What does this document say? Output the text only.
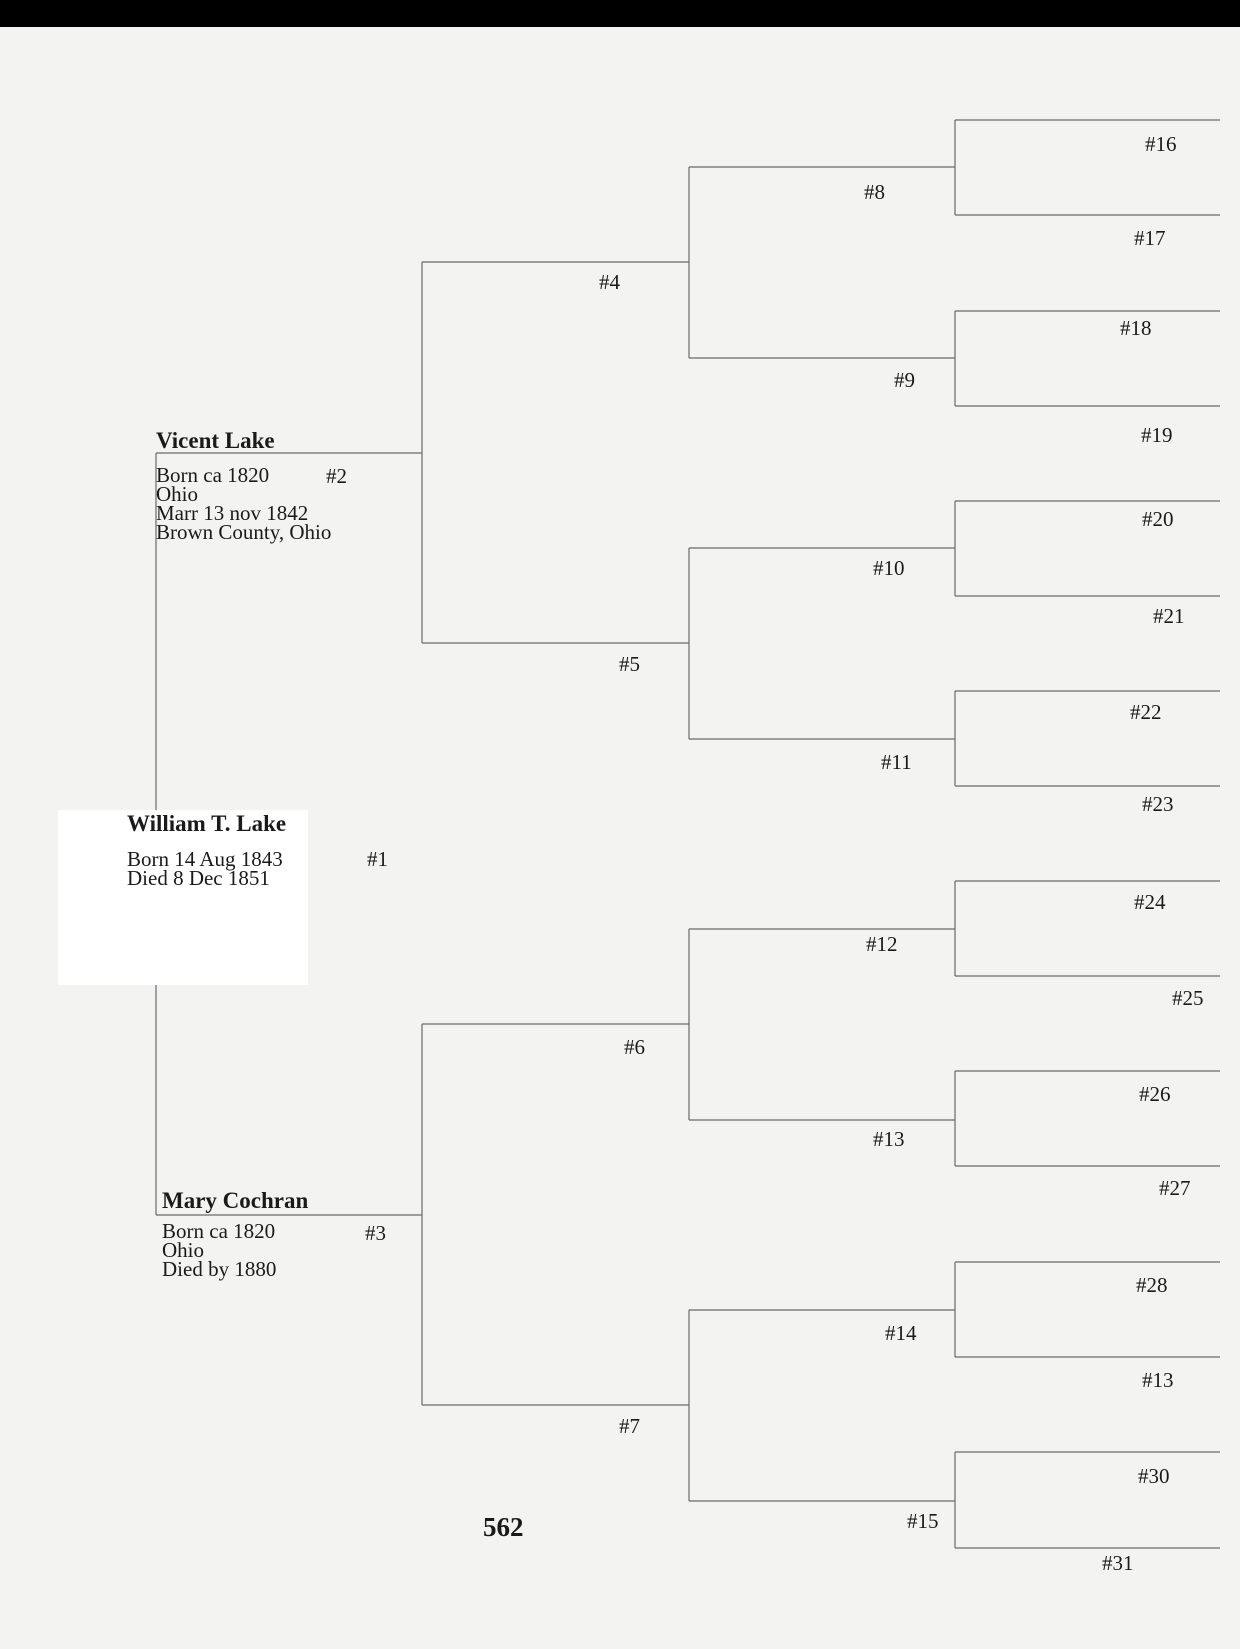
William T. Lake
Born 14 Aug 1843
Died 8 Dec 1851
#1
Vicent Lake
Born ca 1820
Ohio
Marr 13 nov 1842
Brown County, Ohio
#2
Mary Cochran
Born ca 1820
Ohio
Died by 1880
#3
#4
#5
#6
#7
#8
#9
#10
#11
#12
#13
#14
#15
#16
#17
#18
#19
#20
#21
#22
#23
#24
#25
#26
#27
#28
#13
#30
#31
562
